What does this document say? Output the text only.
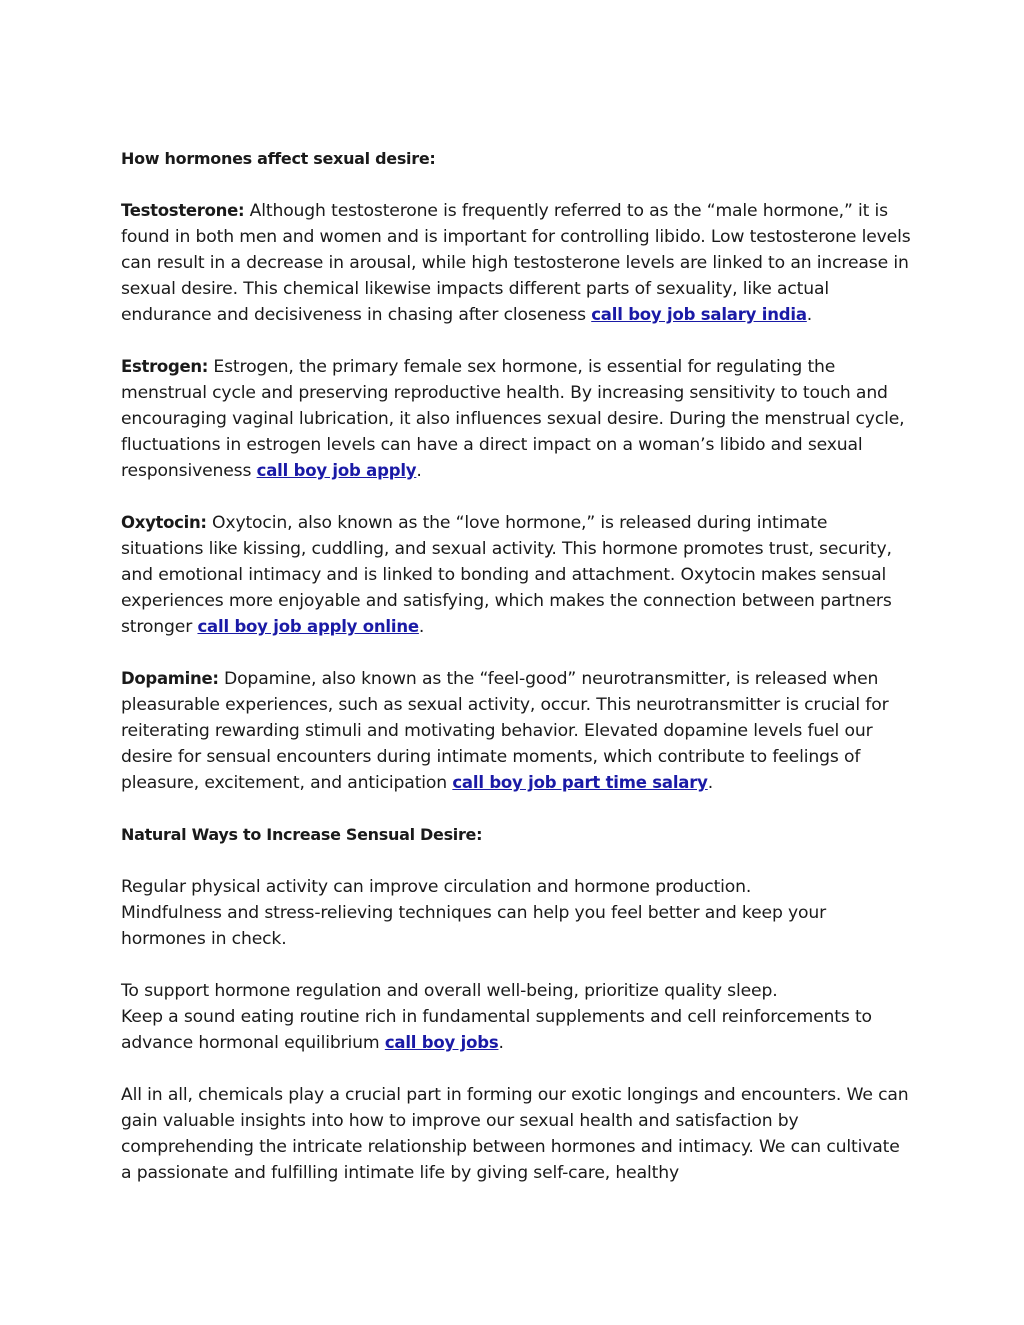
How hormones affect sexual desire:

Testosterone: Although testosterone is frequently referred to as the “male hormone,” it is found in both men and women and is important for controlling libido. Low testosterone levels can result in a decrease in arousal, while high testosterone levels are linked to an increase in sexual desire. This chemical likewise impacts different parts of sexuality, like actual endurance and decisiveness in chasing after closeness call boy job salary india.

Estrogen: Estrogen, the primary female sex hormone, is essential for regulating the menstrual cycle and preserving reproductive health. By increasing sensitivity to touch and encouraging vaginal lubrication, it also influences sexual desire. During the menstrual cycle, fluctuations in estrogen levels can have a direct impact on a woman’s libido and sexual responsiveness call boy job apply.

Oxytocin: Oxytocin, also known as the “love hormone,” is released during intimate situations like kissing, cuddling, and sexual activity. This hormone promotes trust, security, and emotional intimacy and is linked to bonding and attachment. Oxytocin makes sensual experiences more enjoyable and satisfying, which makes the connection between partners stronger call boy job apply online.

Dopamine: Dopamine, also known as the “feel-good” neurotransmitter, is released when pleasurable experiences, such as sexual activity, occur. This neurotransmitter is crucial for reiterating rewarding stimuli and motivating behavior. Elevated dopamine levels fuel our desire for sensual encounters during intimate moments, which contribute to feelings of pleasure, excitement, and anticipation call boy job part time salary.

Natural Ways to Increase Sensual Desire:

Regular physical activity can improve circulation and hormone production.
Mindfulness and stress-relieving techniques can help you feel better and keep your hormones in check.

To support hormone regulation and overall well-being, prioritize quality sleep.
Keep a sound eating routine rich in fundamental supplements and cell reinforcements to advance hormonal equilibrium call boy jobs.

All in all, chemicals play a crucial part in forming our exotic longings and encounters. We can gain valuable insights into how to improve our sexual health and satisfaction by comprehending the intricate relationship between hormones and intimacy. We can cultivate a passionate and fulfilling intimate life by giving self-care, healthy
